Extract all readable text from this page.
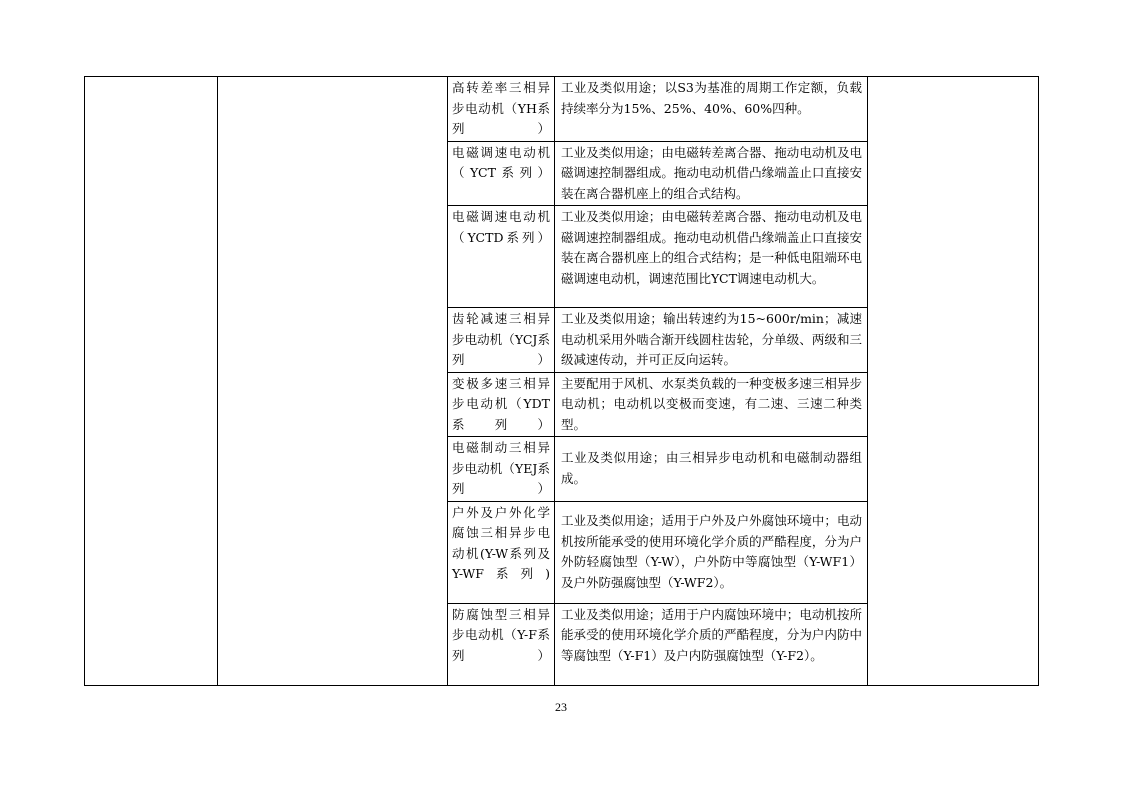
		高转差率三相异步电动机（YH系列）	工业及类似用途；以S3为基准的周期工作定额，负载持续率分为15%、25%、40%、60%四种。	
		电磁调速电动机（YCT系列）	工业及类似用途；由电磁转差离合器、拖动电动机及电磁调速控制器组成。拖动电动机借凸缘端盖止口直接安装在离合器机座上的组合式结构。	
		电磁调速电动机（YCTD系列）	工业及类似用途；由电磁转差离合器、拖动电动机及电磁调速控制器组成。拖动电动机借凸缘端盖止口直接安装在离合器机座上的组合式结构；是一种低电阻端环电磁调速电动机，调速范围比YCT调速电动机大。	
		齿轮减速三相异步电动机（YCJ系列）	工业及类似用途；输出转速约为15~600r/min；减速电动机采用外啮合渐开线圆柱齿轮，分单级、两级和三级减速传动，并可正反向运转。	
		变极多速三相异步电动机（YDT系列）	主要配用于风机、水泵类负载的一种变极多速三相异步电动机；电动机以变极而变速，有二速、三速二种类型。	
		电磁制动三相异步电动机（YEJ系列）	工业及类似用途；由三相异步电动机和电磁制动器组成。	
		户外及户外化学腐蚀三相异步电动机(Y-W系列及Y-WF系列)	工业及类似用途；适用于户外及户外腐蚀环境中；电动机按所能承受的使用环境化学介质的严酷程度，分为户外防轻腐蚀型（Y-W），户外防中等腐蚀型（Y-WF1）及户外防强腐蚀型（Y-WF2）。	
		防腐蚀型三相异步电动机（Y-F系列）	工业及类似用途；适用于户内腐蚀环境中；电动机按所能承受的使用环境化学介质的严酷程度，分为户内防中等腐蚀型（Y-F1）及户内防强腐蚀型（Y-F2）。	
23
